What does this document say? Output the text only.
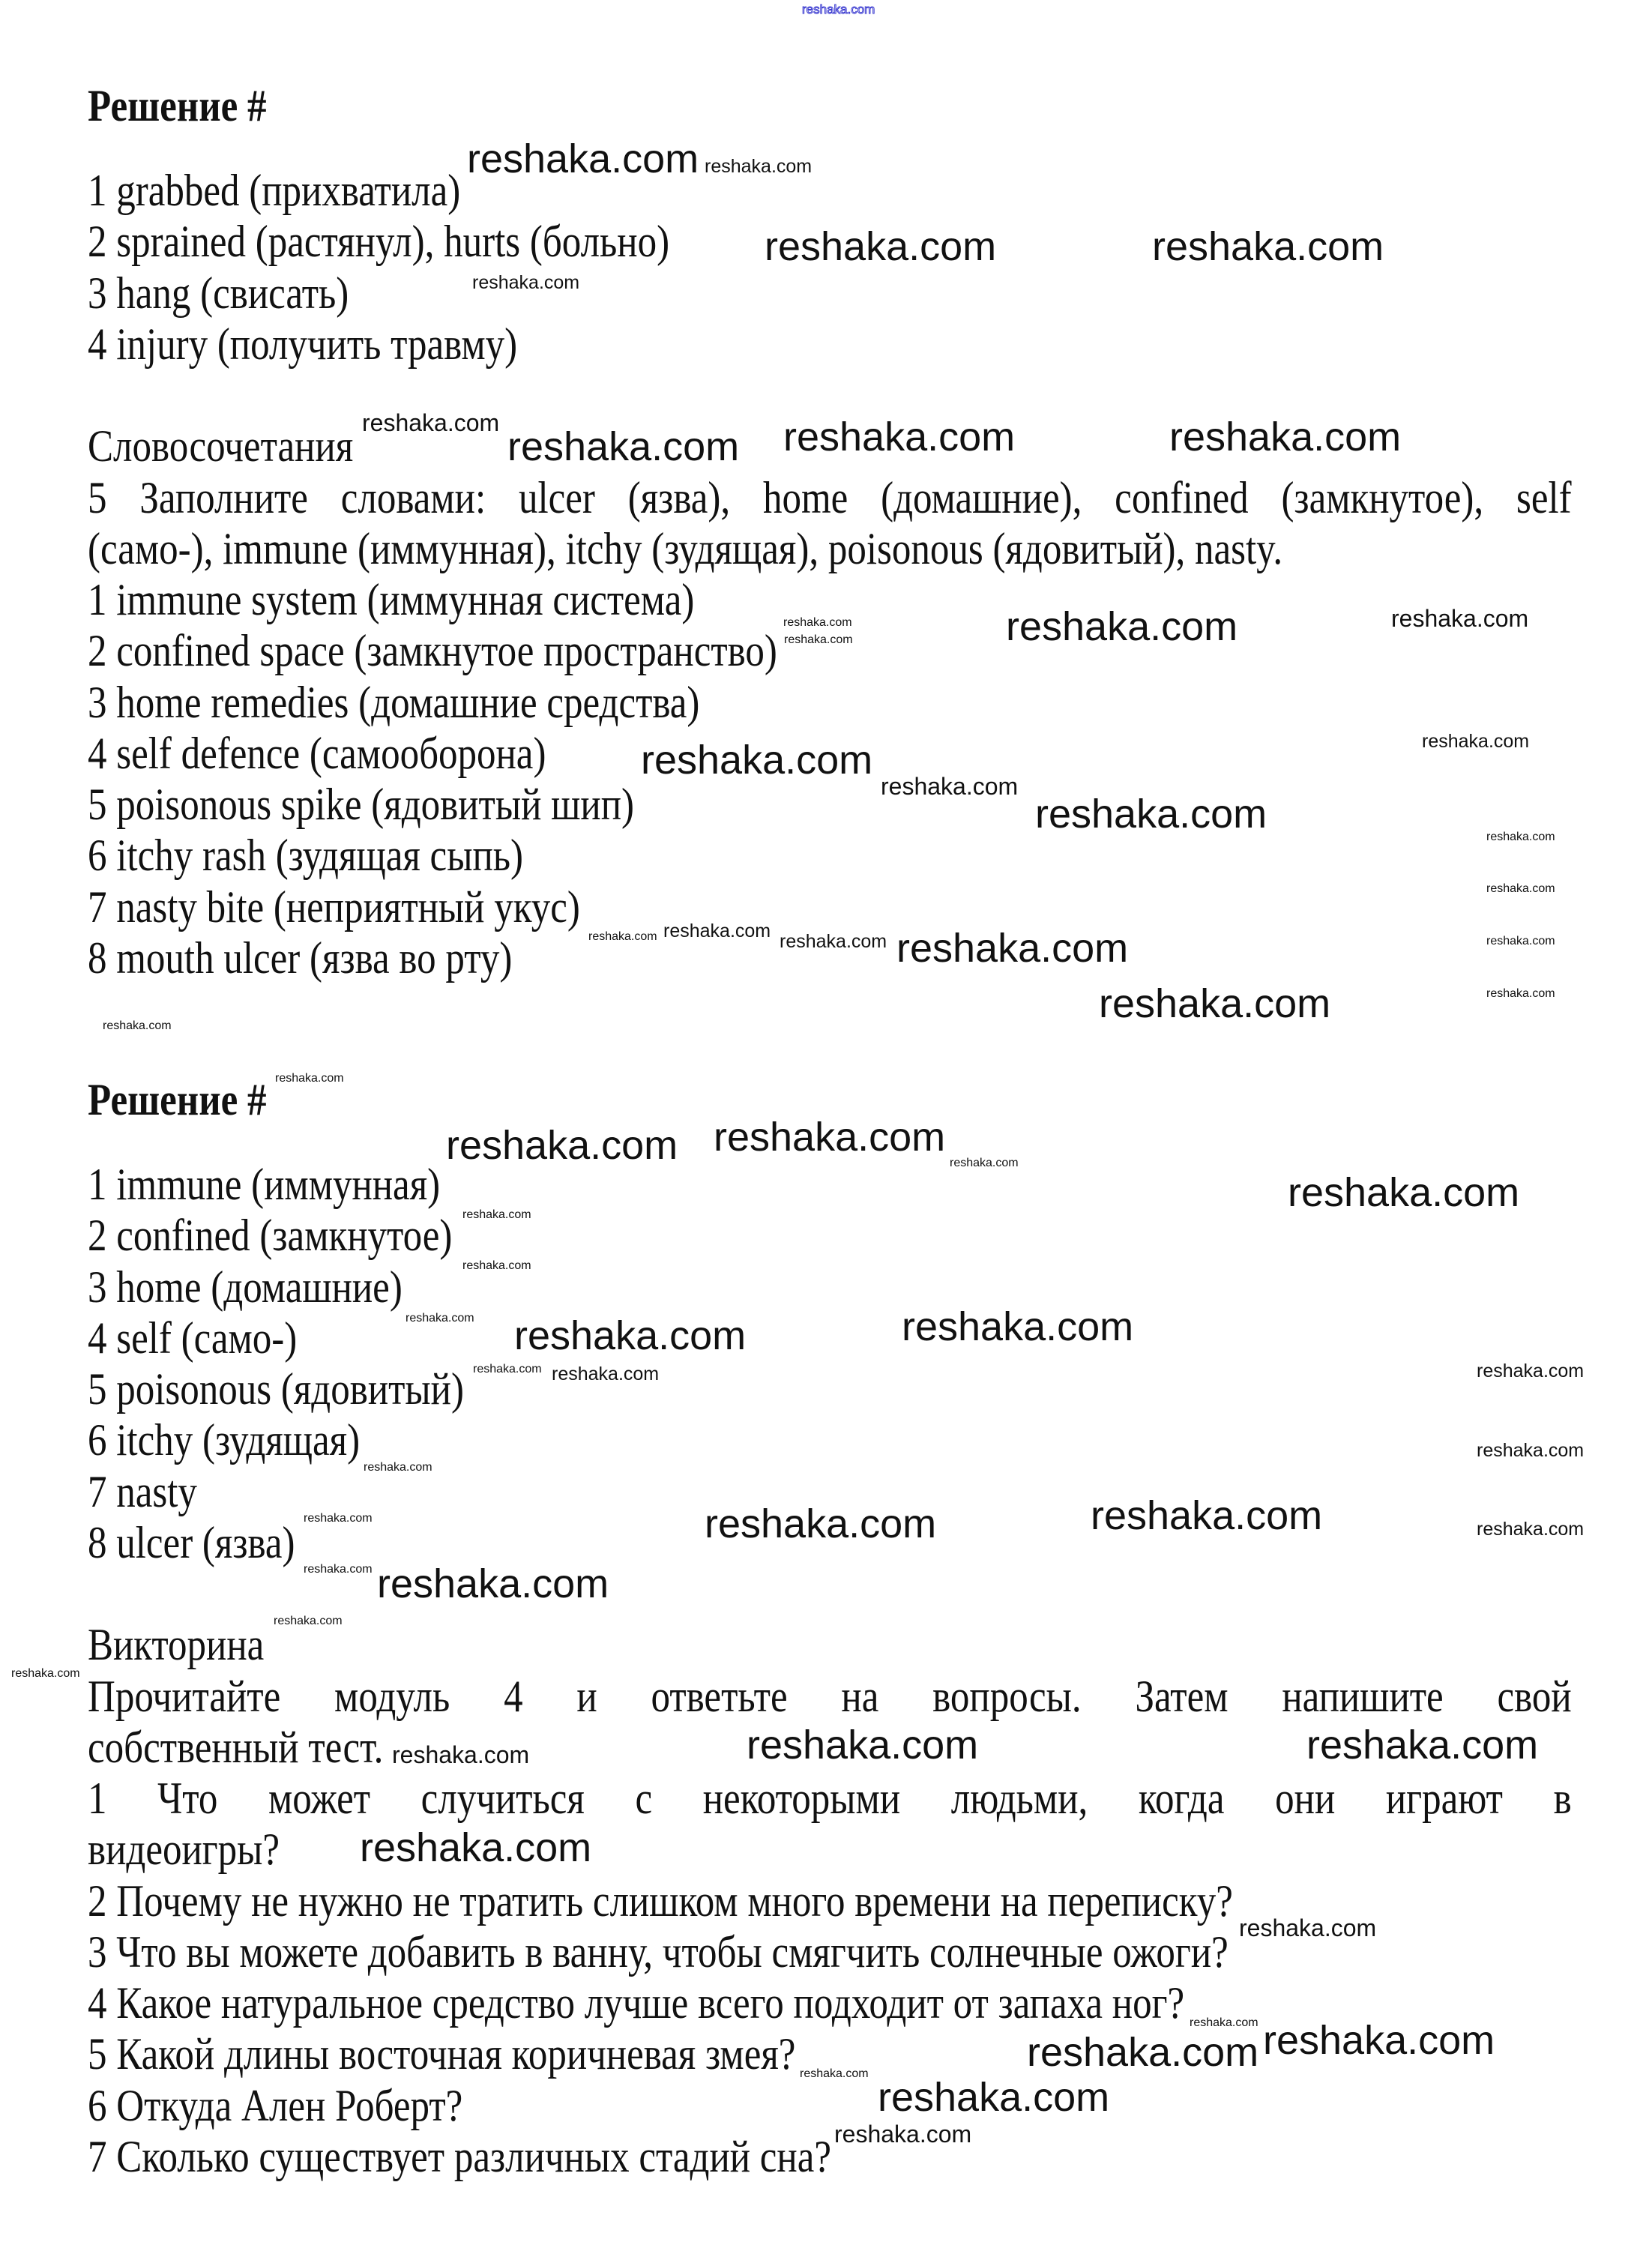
reshaka.com
Решение #
1 grabbed (прихватила)
2 sprained (растянул), hurts (больно)
3 hang (свисать)
4 injury (получить травму)
Словосочетания
5 Заполните словами: ulcer (язва), home (домашние), confined (замкнутое), self
(само-), immune (иммунная), itchy (зудящая), poisonous (ядовитый), nasty.
1 immune system (иммунная система)
2 confined space (замкнутое пространство)
3 home remedies (домашние средства)
4 self defence (самооборона)
5 poisonous spike (ядовитый шип)
6 itchy rash (зудящая сыпь)
7 nasty bite (неприятный укус)
8 mouth ulcer (язва во рту)
Решение #
1 immune (иммунная)
2 confined (замкнутое)
3 home (домашние)
4 self (само-)
5 poisonous (ядовитый)
6 itchy (зудящая)
7 nasty
8 ulcer (язва)
Викторина
Прочитайте модуль 4 и ответьте на вопросы. Затем напишите свой
собственный тест.
1 Что может случиться с некоторыми людьми, когда они играют в
видеоигры?
2 Почему не нужно не тратить слишком много времени на переписку?
3 Что вы можете добавить в ванну, чтобы смягчить солнечные ожоги?
4 Какое натуральное средство лучше всего подходит от запаха ног?
5 Какой длины восточная коричневая змея?
6 Откуда Ален Роберт?
7 Сколько существует различных стадий сна?
reshaka.com reshaka.com
reshaka.com	reshaka.com
reshaka.com
reshaka.com
reshaka.com reshaka.com	reshaka.com
reshaka.com	reshaka.com	reshaka.com
reshaka.com
reshaka.com	reshaka.com
reshaka.com
reshaka.com
reshaka.com
reshaka.com
reshaka.com reshaka.com reshaka.com	reshaka.com
reshaka.com
reshaka.com	reshaka.com
reshaka.com
reshaka.com
reshaka.com reshaka.com
reshaka.com
reshaka.com
reshaka.com
reshaka.com
reshaka.com reshaka.com	reshaka.com
reshaka.com reshaka.com	reshaka.com
reshaka.com
reshaka.com
reshaka.com	reshaka.com	reshaka.com	reshaka.com
reshaka.com reshaka.com
reshaka.com
reshaka.com
reshaka.com	reshaka.com
reshaka.com
reshaka.com
reshaka.com
reshaka.com reshaka.com
reshaka.com
reshaka.com
reshaka.com
reshaka.com
